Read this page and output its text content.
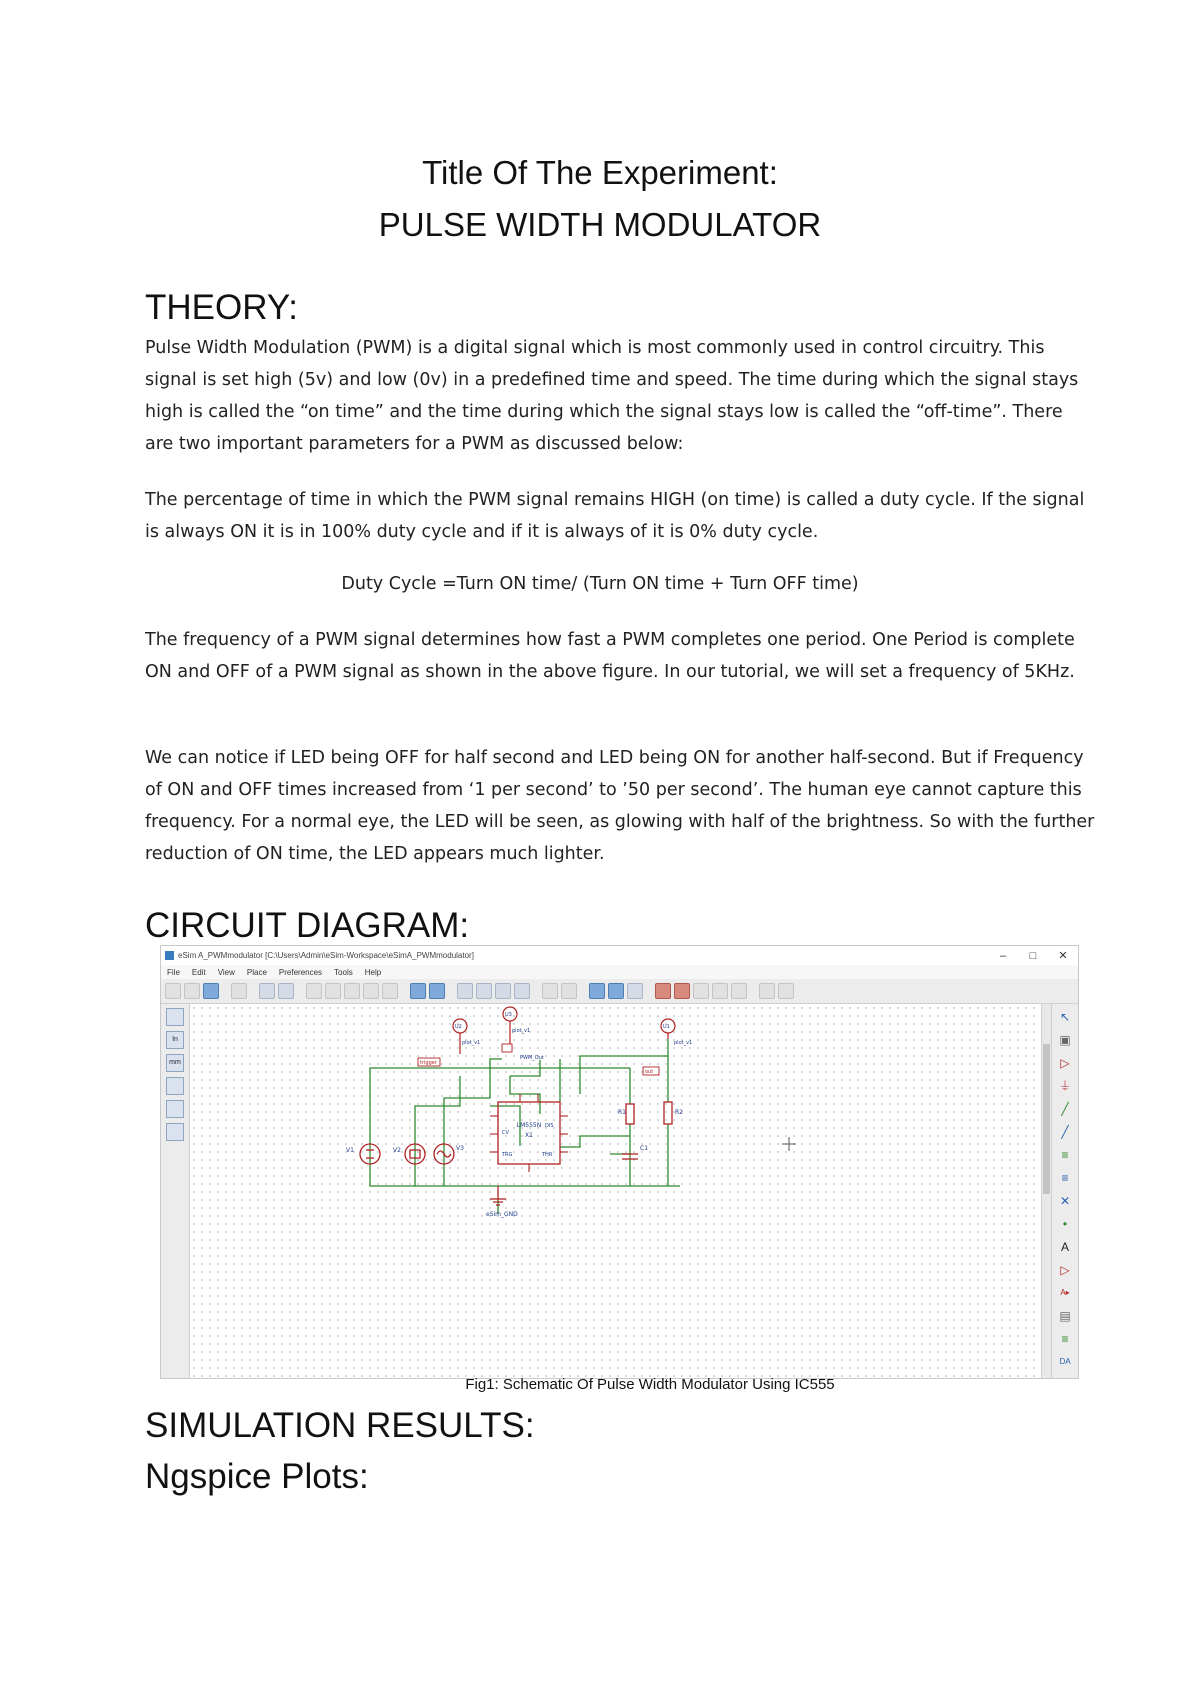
Title Of The Experiment:
PULSE WIDTH MODULATOR
THEORY:

Pulse Width Modulation (PWM) is a digital signal which is most commonly used in control circuitry. This signal is set high (5v) and low (0v) in a predefined time and speed. The time during which the signal stays high is called the “on time” and the time during which the signal stays low is called the “off-time”. There are two important parameters for a PWM as discussed below:

The percentage of time in which the PWM signal remains HIGH (on time) is called a duty cycle. If the signal is always ON it is in 100% duty cycle and if it is always of it is 0% duty cycle.

Duty Cycle =Turn ON time/ (Turn ON time + Turn OFF time)

The frequency of a PWM signal determines how fast a PWM completes one period. One Period is complete ON and OFF of a PWM signal as shown in the above figure. In our tutorial, we will set a frequency of 5KHz.

We can notice if LED being OFF for half second and LED being ON for another half-second. But if Frequency of ON and OFF times increased from ‘1 per second’ to ’50 per second’. The human eye cannot capture this frequency. For a normal eye, the LED will be seen, as glowing with half of the brightness. So with the further reduction of ON time, the LED appears much lighter.

CIRCUIT DIAGRAM:
eSim A_PWMmodulator [C:\Users\Admin\eSim-Workspace\eSimA_PWMmodulator]	–	□	✕
File Edit View Place Preferences Tools Help
In
mm
LM555N
X1
CV
DIS
THR
TRG
V1	V2	V3
R1	R2
C1
eSim_GND
U2
U3
U1
plot_v1
plot_v1
plot_v1
trigger
out
PWM_Out
↖
▣
▷
⏚
╱
╱
≡
≡
✕
•
A
▷
A▸
▤
≡
DA
Fig1: Schematic Of Pulse Width Modulator Using IC555
SIMULATION RESULTS:
Ngspice Plots:
